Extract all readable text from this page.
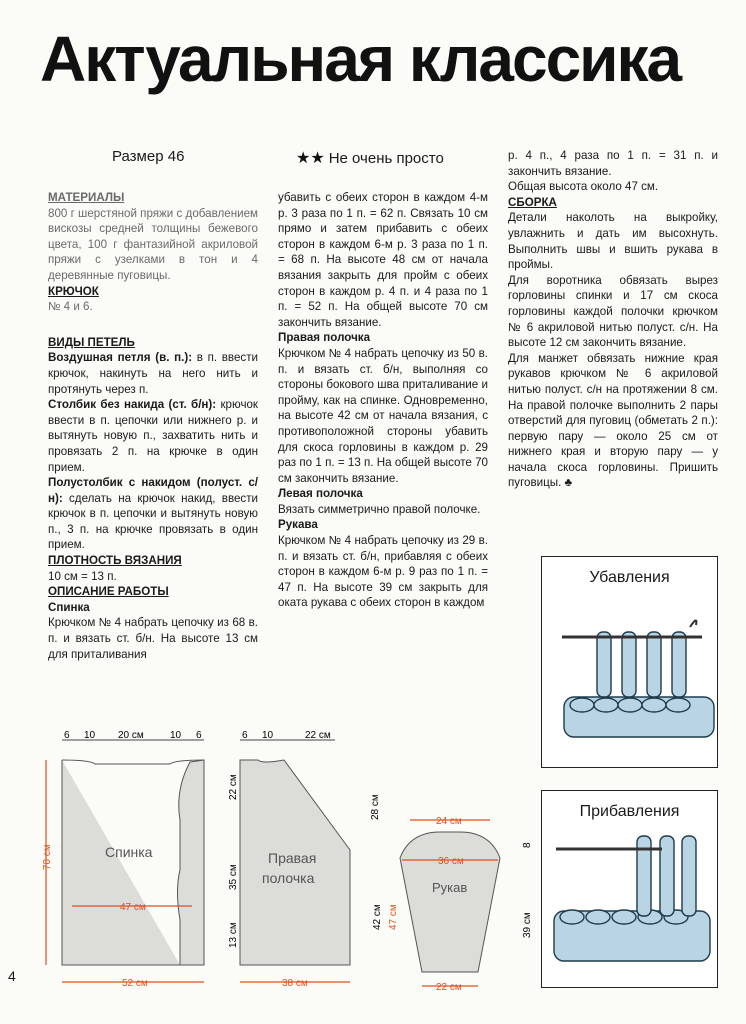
Актуальная классика
Размер 46	★★ Не очень просто

МАТЕРИАЛЫ

800 г шерстяной пряжи с добавлением вискозы средней толщины бежевого цвета, 100 г фантазийной акриловой пряжи с узелками в тон и 4 деревянные пуговицы.

КРЮЧОК

№ 4 и 6.

ВИДЫ ПЕТЕЛЬ

Воздушная петля (в. п.): в п. ввести крючок, накинуть на него нить и протянуть через п.

Столбик без накида (ст. б/н): крючок ввести в п. цепочки или нижнего р. и вытянуть новую п., захватить нить и провязать 2 п. на крючке в один прием.

Полустолбик с накидом (полуст. с/н): сделать на крючок накид, ввести крючок в п. цепочки и вытянуть новую п., 3 п. на крючке провязать в один прием.

ПЛОТНОСТЬ ВЯЗАНИЯ

10 см = 13 п.

ОПИСАНИЕ РАБОТЫ

Спинка

Крючком № 4 набрать цепочку из 68 в. п. и вязать ст. б/н. На высоте 13 см для приталивания

убавить с обеих сторон в каждом 4-м р. 3 раза по 1 п. = 62 п. Связать 10 см прямо и затем прибавить с обеих сторон в каждом 6-м р. 3 раза по 1 п. = 68 п. На высоте 48 см от начала вязания закрыть для пройм с обеих сторон в каждом р. 4 п. и 4 раза по 1 п. = 52 п. На общей высоте 70 см закончить вязание.

Правая полочка

Крючком № 4 набрать цепочку из 50 в. п. и вязать ст. б/н, выполняя со стороны бокового шва приталивание и пройму, как на спинке. Одновременно, на высоте 42 см от начала вязания, с противоположной стороны убавить для скоса горловины в каждом р. 29 раз по 1 п. = 13 п. На общей высоте 70 см закончить вязание.

Левая полочка

Вязать симметрично правой полочке.

Рукава

Крючком № 4 набрать цепочку из 29 в. п. и вязать ст. б/н, прибавляя с обеих сторон в каждом 6-м р. 9 раз по 1 п. = 47 п. На высоте 39 см закрыть для оката рукава с обеих сторон в каждом

р. 4 п., 4 раза по 1 п. = 31 п. и закончить вязание.

Общая высота около 47 см.

СБОРКА

Детали наколоть на выкройку, увлажнить и дать им высохнуть. Выполнить швы и вшить рукава в проймы.

Для воротника обвязать вырез горловины спинки и 17 см скоса горловины каждой полочки крючком № 6 акриловой нитью полуст. с/н. На высоте 12 см закончить вязание.

Для манжет обвязать нижние края рукавов крючком № 6 акриловой нитью полуст. с/н на протяжении 8 см. На правой полочке выполнить 2 пары отверстий для пуговиц (обметать 2 п.): первую пару — около 25 см от нижнего края и вторую пару — у начала скоса горловины. Пришить пуговицы. ♣

Убавления
Прибавления
6 10 20 см	10 6
Спинка
47 см
52 см
70 см
6 10	22 см
Правая
полочка
22 см
35 см
13 см
28 см
38 см
24 см
36 см
Рукав
22 см
42 см 47 см
8
39 см
4
